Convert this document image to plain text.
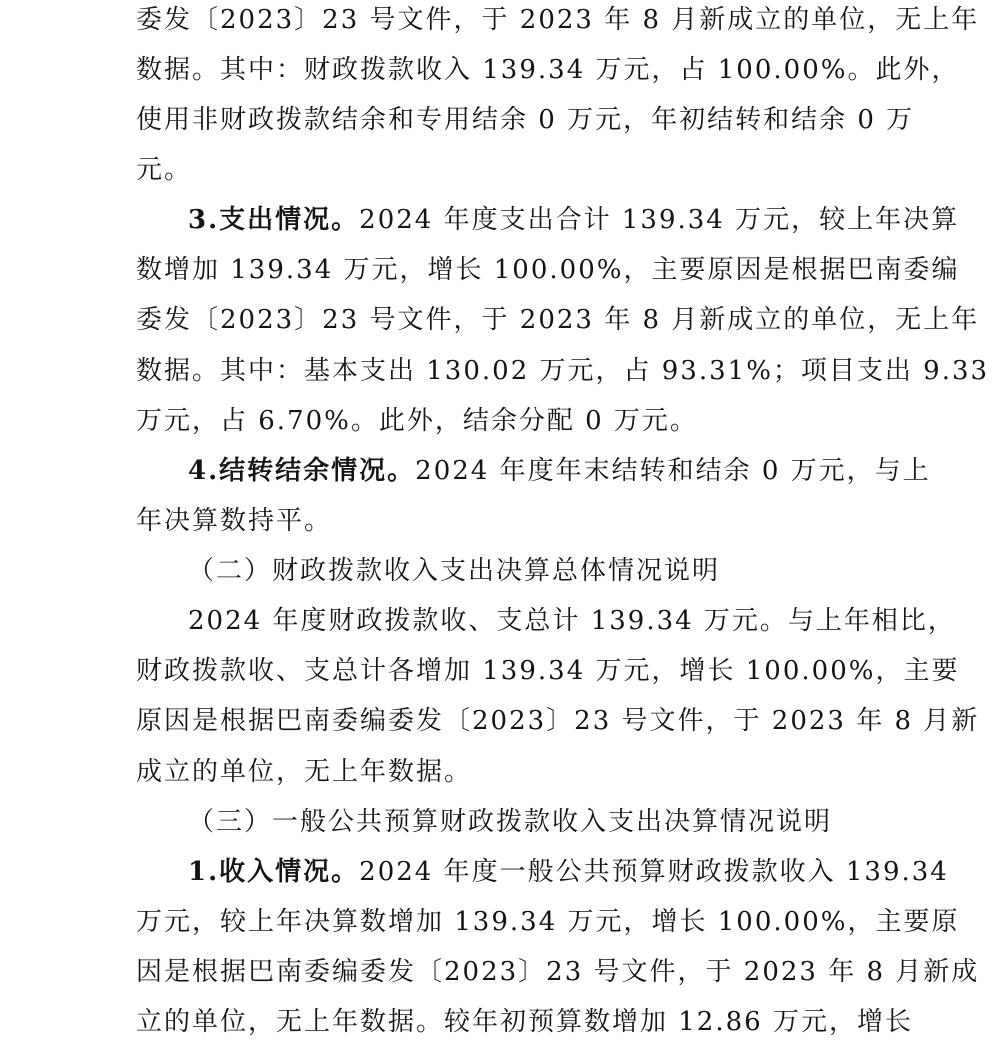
委发〔2023〕23 号文件，于 2023 年 8 月新成立的单位，无上年
数据。其中：财政拨款收入 139.34 万元，占 100.00%。此外，
使用非财政拨款结余和专用结余 0 万元，年初结转和结余 0 万
元。
3.支出情况。2024 年度支出合计 139.34 万元，较上年决算
数增加 139.34 万元，增长 100.00%，主要原因是根据巴南委编
委发〔2023〕23 号文件，于 2023 年 8 月新成立的单位，无上年
数据。其中：基本支出 130.02 万元，占 93.31%；项目支出 9.33
万元，占 6.70%。此外，结余分配 0 万元。
4.结转结余情况。2024 年度年末结转和结余 0 万元，与上
年决算数持平。
（二）财政拨款收入支出决算总体情况说明
2024 年度财政拨款收、支总计 139.34 万元。与上年相比，
财政拨款收、支总计各增加 139.34 万元，增长 100.00%，主要
原因是根据巴南委编委发〔2023〕23 号文件，于 2023 年 8 月新
成立的单位，无上年数据。
（三）一般公共预算财政拨款收入支出决算情况说明
1.收入情况。2024 年度一般公共预算财政拨款收入 139.34
万元，较上年决算数增加 139.34 万元，增长 100.00%，主要原
因是根据巴南委编委发〔2023〕23 号文件，于 2023 年 8 月新成
立的单位，无上年数据。较年初预算数增加 12.86 万元，增长
